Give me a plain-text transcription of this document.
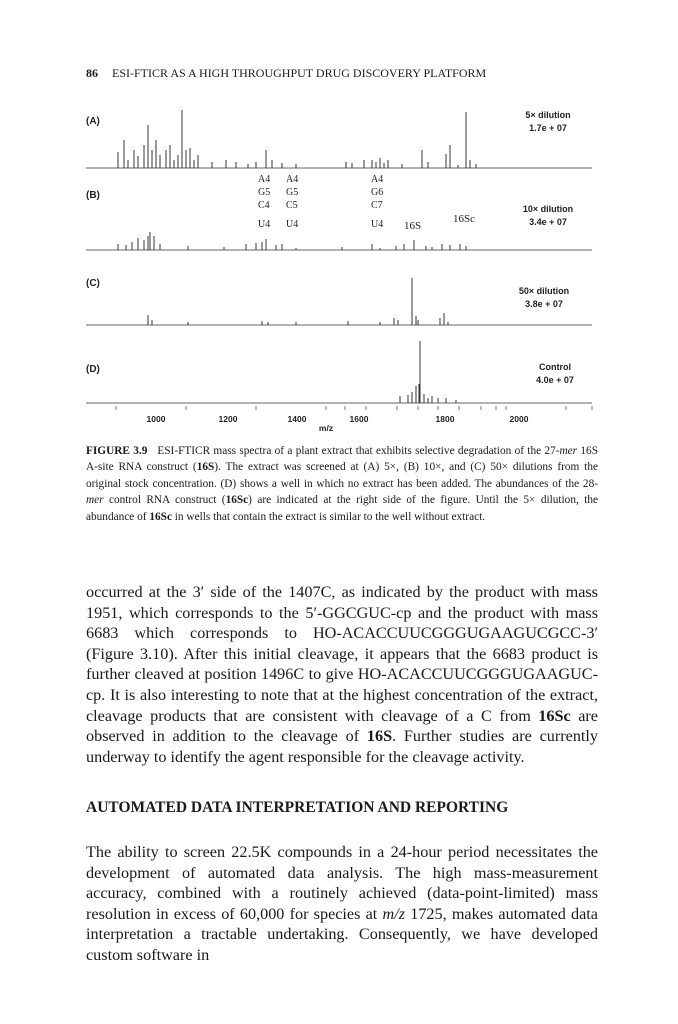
86 ESI-FTICR AS A HIGH THROUGHPUT DRUG DISCOVERY PLATFORM
(A)
(B)
(C)
(D)
5× dilution
1.7e + 07
10× dilution
3.4e + 07
50× dilution
3.8e + 07
Control
4.0e + 07
A4
G5
C4
U4
A4
G5
C5
U4
A4
G6
C7
U4 16S
16Sc
1000	1200	1400	1600	1800	2000
m/z
FIGURE 3.9 ESI-FTICR mass spectra of a plant extract that exhibits selective degradation of the 27-mer 16S A-site RNA construct (16S). The extract was screened at (A) 5×, (B) 10×, and (C) 50× dilutions from the original stock concentration. (D) shows a well in which no extract has been added. The abundances of the 28-mer control RNA construct (16Sc) are indicated at the right side of the figure. Until the 5× dilution, the abundance of 16Sc in wells that contain the extract is similar to the well without extract.
occurred at the 3′ side of the 1407C, as indicated by the product with mass 1951, which corresponds to the 5′-GGCGUC-cp and the product with mass 6683 which corresponds to HO-ACACCUUCGGGUGAAGUCGCC-3′ (Figure 3.10). After this initial cleavage, it appears that the 6683 product is further cleaved at position 1496C to give HO-ACACCUUCGGGUGAAGUC-cp. It is also interesting to note that at the highest concentration of the extract, cleavage products that are consistent with cleavage of a C from 16Sc are observed in addition to the cleavage of 16S. Further studies are currently underway to identify the agent responsible for the cleavage activity.
AUTOMATED DATA INTERPRETATION AND REPORTING
The ability to screen 22.5K compounds in a 24-hour period necessitates the development of automated data analysis. The high mass-measurement accuracy, combined with a routinely achieved (data-point-limited) mass resolution in excess of 60,000 for species at m/z 1725, makes automated data interpretation a tractable undertaking. Consequently, we have developed custom software in
